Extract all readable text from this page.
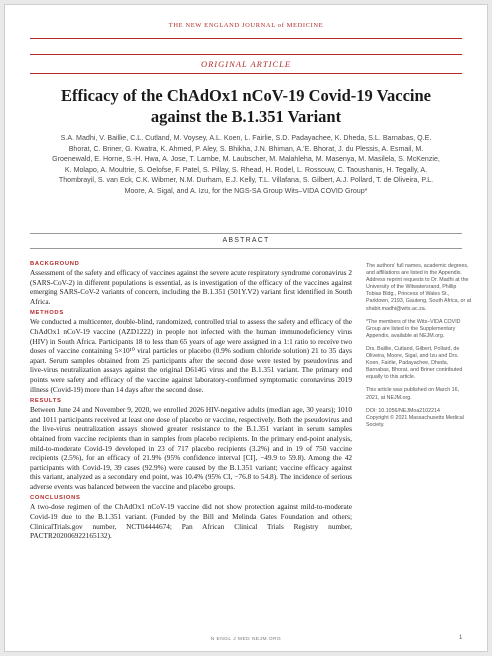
THE NEW ENGLAND JOURNAL of MEDICINE
ORIGINAL ARTICLE
Efficacy of the ChAdOx1 nCoV-19 Covid-19 Vaccine against the B.1.351 Variant
S.A. Madhi, V. Baillie, C.L. Cutland, M. Voysey, A.L. Koen, L. Fairlie, S.D. Padayachee, K. Dheda, S.L. Barnabas, Q.E. Bhorat, C. Briner, G. Kwatra, K. Ahmed, P. Aley, S. Bhikha, J.N. Bhiman, A.’E. Bhorat, J. du Plessis, A. Esmail, M. Groenewald, E. Horne, S.-H. Hwa, A. Jose, T. Lambe, M. Laubscher, M. Malahleha, M. Masenya, M. Masilela, S. McKenzie, K. Molapo, A. Moultrie, S. Oelofse, F. Patel, S. Pillay, S. Rhead, H. Rodel, L. Rossouw, C. Taoushanis, H. Tegally, A. Thombrayil, S. van Eck, C.K. Wibmer, N.M. Durham, E.J. Kelly, T.L. Villafana, S. Gilbert, A.J. Pollard, T. de Oliveira, P.L. Moore, A. Sigal, and A. Izu, for the NGS-SA Group Wits–VIDA COVID Group*
ABSTRACT
BACKGROUND

Assessment of the safety and efficacy of vaccines against the severe acute respiratory syndrome coronavirus 2 (SARS-CoV-2) in different populations is essential, as is investigation of the efficacy of the vaccines against emerging SARS-CoV-2 variants of concern, including the B.1.351 (501Y.V2) variant first identified in South Africa.

METHODS

We conducted a multicenter, double-blind, randomized, controlled trial to assess the safety and efficacy of the ChAdOx1 nCoV-19 vaccine (AZD1222) in people not infected with the human immunodeficiency virus (HIV) in South Africa. Participants 18 to less than 65 years of age were assigned in a 1:1 ratio to receive two doses of vaccine containing 5×10¹⁰ viral particles or placebo (0.9% sodium chloride solution) 21 to 35 days apart. Serum samples obtained from 25 participants after the second dose were tested by pseudovirus and live-virus neutralization assays against the original D614G virus and the B.1.351 variant. The primary end points were safety and efficacy of the vaccine against laboratory-confirmed symptomatic coronavirus 2019 illness (Covid-19) more than 14 days after the second dose.

RESULTS

Between June 24 and November 9, 2020, we enrolled 2026 HIV-negative adults (median age, 30 years); 1010 and 1011 participants received at least one dose of placebo or vaccine, respectively. Both the pseudovirus and the live-virus neutralization assays showed greater resistance to the B.1.351 variant in serum samples obtained from vaccine recipients than in samples from placebo recipients. In the primary end-point analysis, mild-to-moderate Covid-19 developed in 23 of 717 placebo recipients (3.2%) and in 19 of 750 vaccine recipients (2.5%), for an efficacy of 21.9% (95% confidence interval [CI], −49.9 to 59.8). Among the 42 participants with Covid-19, 39 cases (92.9%) were caused by the B.1.351 variant; vaccine efficacy against this variant, analyzed as a secondary end point, was 10.4% (95% CI, −76.8 to 54.8). The incidence of serious adverse events was balanced between the vaccine and placebo groups.

CONCLUSIONS

A two-dose regimen of the ChAdOx1 nCoV-19 vaccine did not show protection against mild-to-moderate Covid-19 due to the B.1.351 variant. (Funded by the Bill and Melinda Gates Foundation and others; ClinicalTrials.gov number, NCT04444674; Pan African Clinical Trials Registry number, PACTR202006922165132).

The authors’ full names, academic degrees, and affiliations are listed in the Appendix. Address reprint requests to Dr. Madhi at the University of the Witwatersrand, Phillip Tobias Bldg., Princess of Wales St., Parktown, 2193, Gauteng, South Africa, or at shabir.madhi@wits.ac.za.

*The members of the Wits–VIDA COVID Group are listed in the Supplementary Appendix, available at NEJM.org.

Drs. Baillie, Cutland, Gilbert, Pollard, de Oliveira, Moore, Sigal, and Izu and Drs. Koen, Fairlie, Padayachee, Dheda, Barnabas, Bhorat, and Briner contributed equally to this article.

This article was published on March 16, 2021, at NEJM.org.

DOI: 10.1056/NEJMoa2102214
Copyright © 2021 Massachusetts Medical Society.

N ENGL J MED NEJM.ORG	1
